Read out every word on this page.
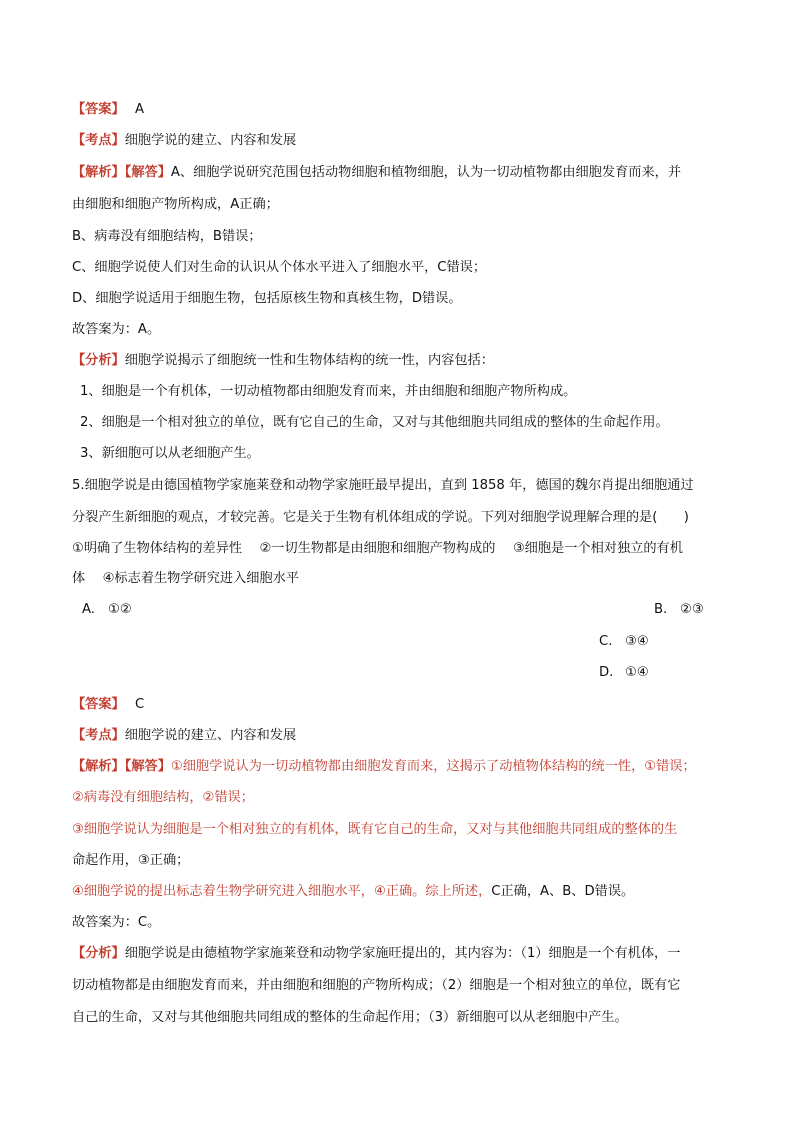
【答案】 A
【考点】细胞学说的建立、内容和发展
【解析】【解答】A、细胞学说研究范围包括动物细胞和植物细胞，认为一切动植物都由细胞发育而来，并
由细胞和细胞产物所构成，A正确；
B、病毒没有细胞结构，B错误；
C、细胞学说使人们对生命的认识从个体水平进入了细胞水平，C错误；
D、细胞学说适用于细胞生物，包括原核生物和真核生物，D错误。
故答案为：A。
【分析】细胞学说揭示了细胞统一性和生物体结构的统一性，内容包括：
1、细胞是一个有机体，一切动植物都由细胞发育而来，并由细胞和细胞产物所构成。
2、细胞是一个相对独立的单位，既有它自己的生命，又对与其他细胞共同组成的整体的生命起作用。
3、新细胞可以从老细胞产生。
5.细胞学说是由德国植物学家施莱登和动物学家施旺最早提出，直到 1858 年，德国的魏尔肖提出细胞通过
分裂产生新细胞的观点，才较完善。它是关于生物有机体组成的学说。下列对细胞学说理解合理的是(　　)
①明确了生物体结构的差异性　 ②一切生物都是由细胞和细胞产物构成的　 ③细胞是一个相对独立的有机
体　 ④标志着生物学研究进入细胞水平
A. ①②	B. ②③
C. ③④
D. ①④
【答案】 C
【考点】细胞学说的建立、内容和发展
【解析】【解答】①细胞学说认为一切动植物都由细胞发育而来，这揭示了动植物体结构的统一性，①错误；
②病毒没有细胞结构，②错误；
③细胞学说认为细胞是一个相对独立的有机体，既有它自己的生命，又对与其他细胞共同组成的整体的生
命起作用，③正确；
④细胞学说的提出标志着生物学研究进入细胞水平，④正确。综上所述，C正确，A、B、D错误。
故答案为：C。
【分析】细胞学说是由德植物学家施莱登和动物学家施旺提出的，其内容为：（1）细胞是一个有机体，一
切动植物都是由细胞发育而来，并由细胞和细胞的产物所构成；（2）细胞是一个相对独立的单位，既有它
自己的生命，又对与其他细胞共同组成的整体的生命起作用；（3）新细胞可以从老细胞中产生。
